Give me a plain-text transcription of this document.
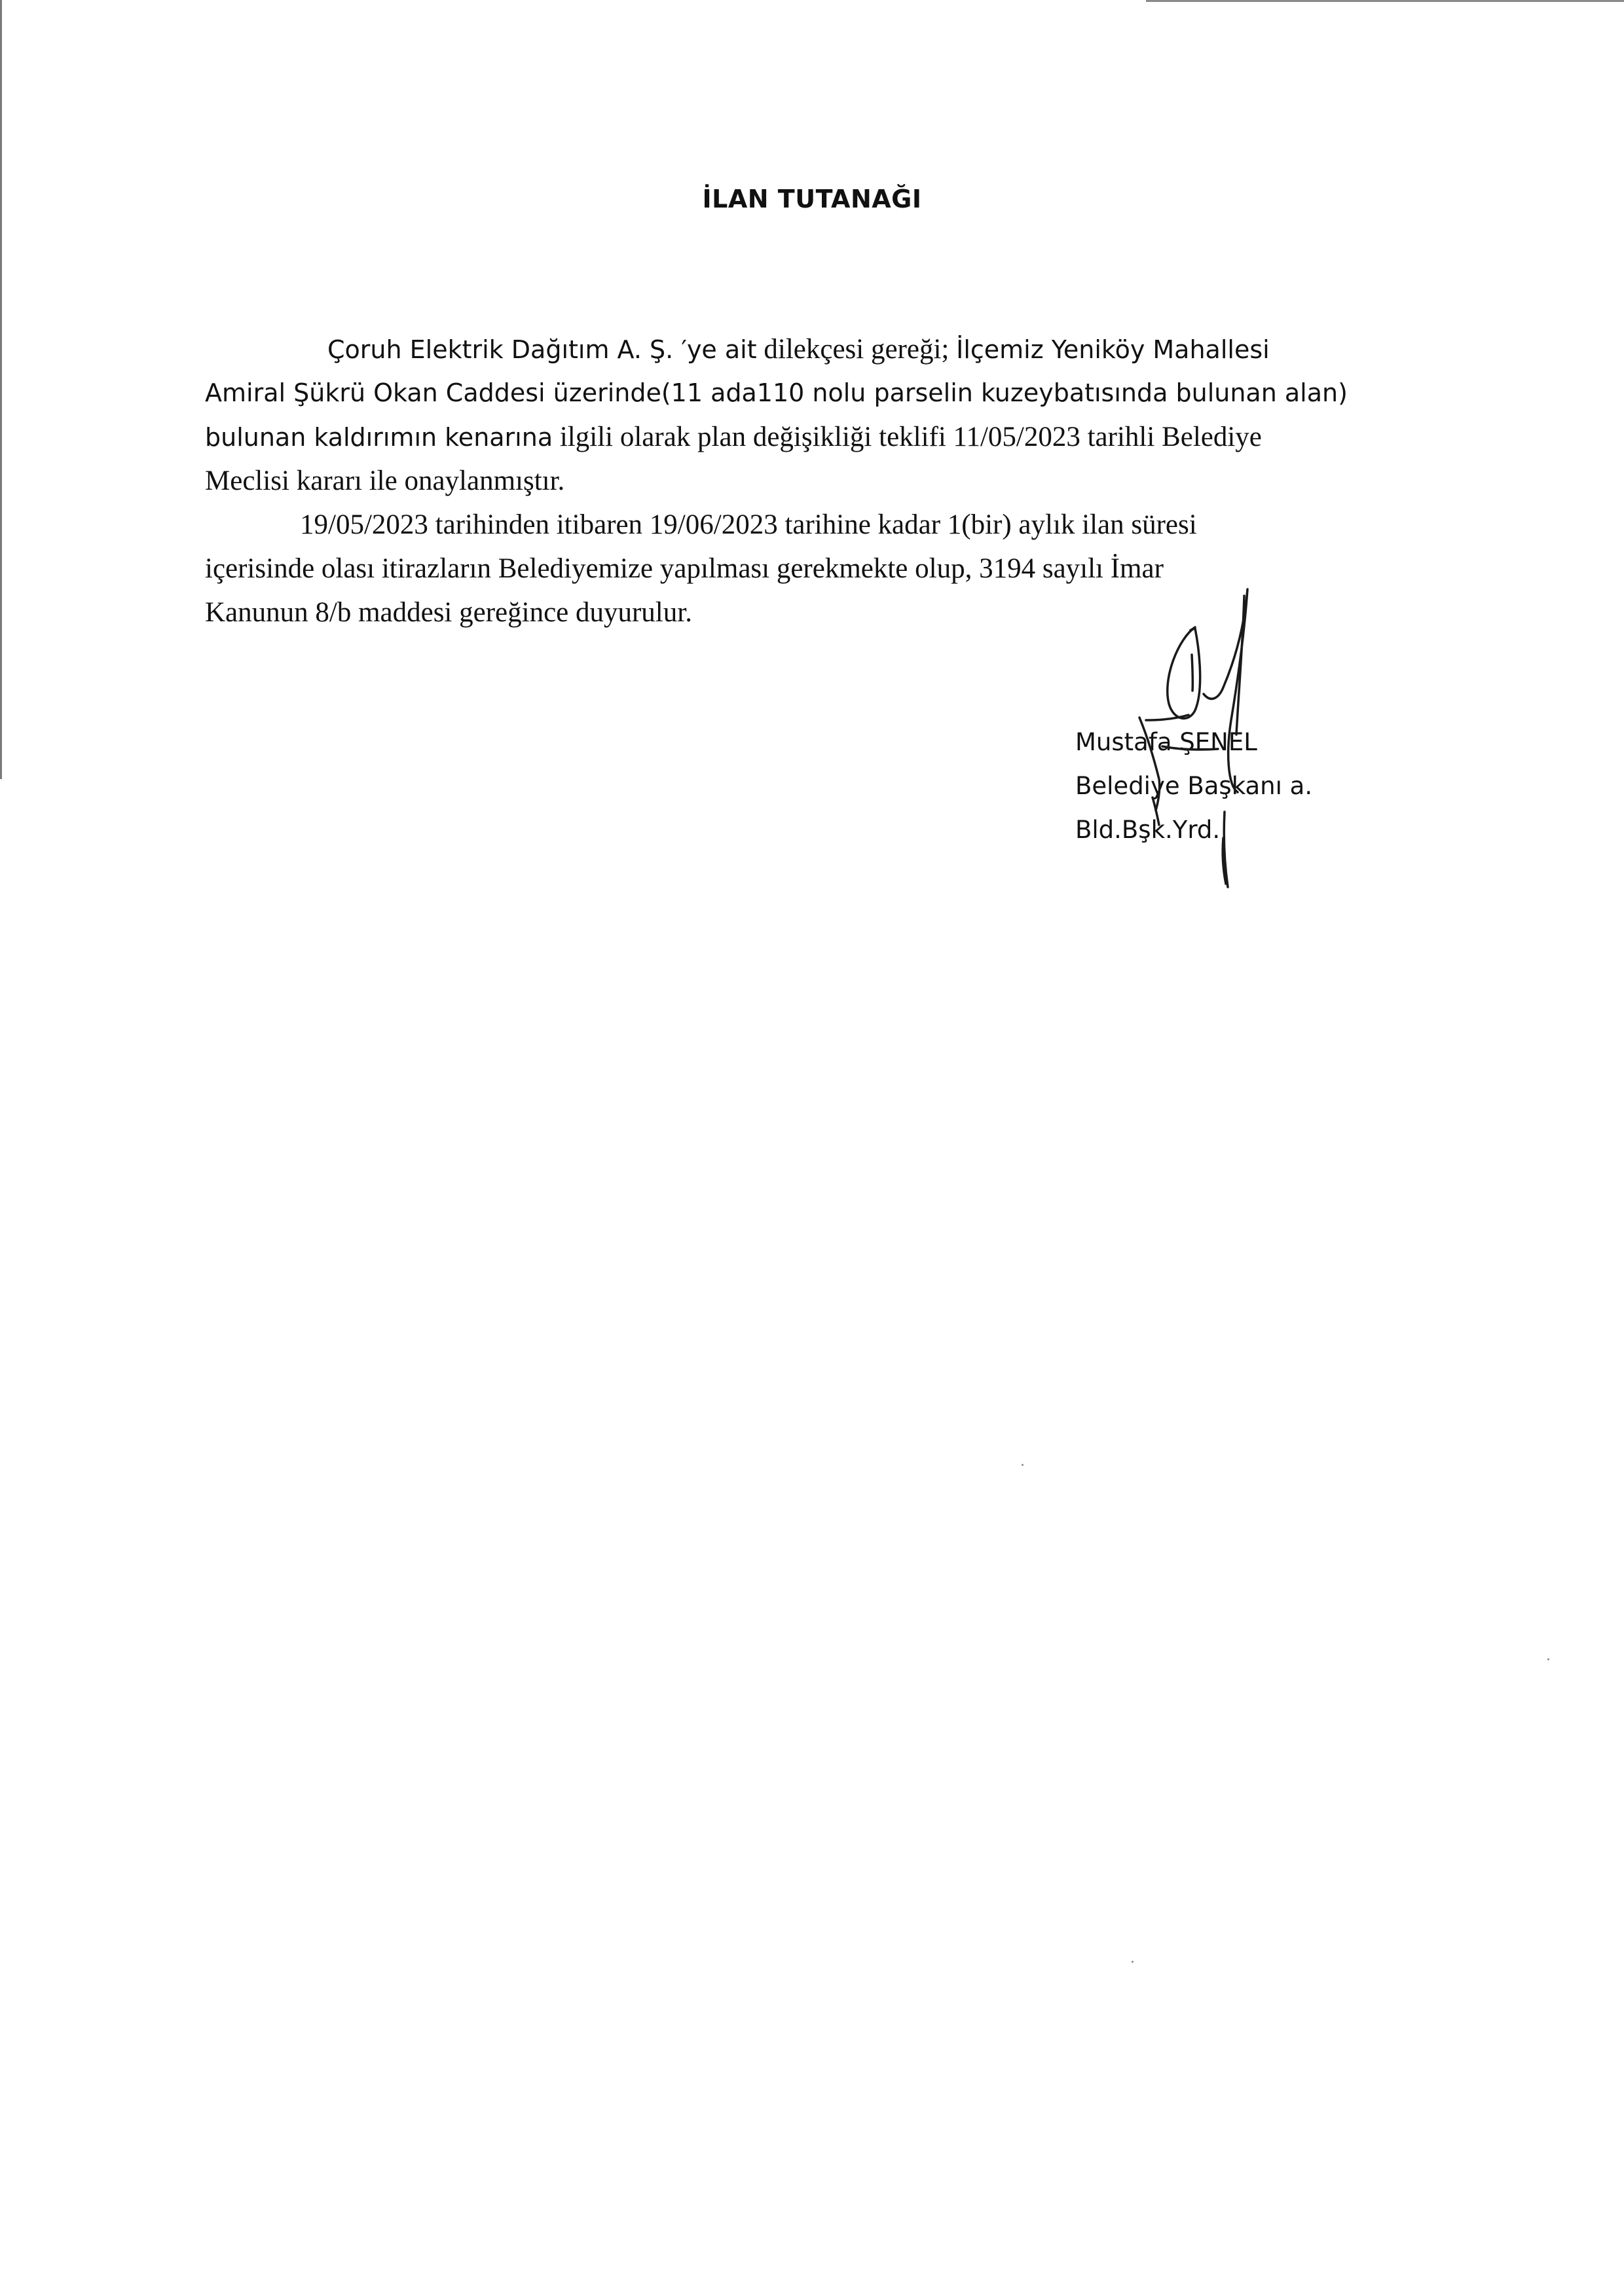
İLAN TUTANAĞI
Çoruh Elektrik Dağıtım A. Ş. ′ye ait dilekçesi gereği; İlçemiz Yeniköy Mahallesi
Amiral Şükrü Okan Caddesi üzerinde(11 ada110 nolu parselin kuzeybatısında bulunan alan)
bulunan kaldırımın kenarına ilgili olarak plan değişikliği teklifi 11/05/2023 tarihli Belediye
Meclisi kararı ile onaylanmıştır.
19/05/2023 tarihinden itibaren 19/06/2023 tarihine kadar 1(bir) aylık ilan süresi
içerisinde olası itirazların Belediyemize yapılması gerekmekte olup, 3194 sayılı İmar
Kanunun 8/b maddesi gereğince duyurulur.
Mustafa ŞENEL
Belediye Başkanı a.
Bld.Bşk.Yrd.
